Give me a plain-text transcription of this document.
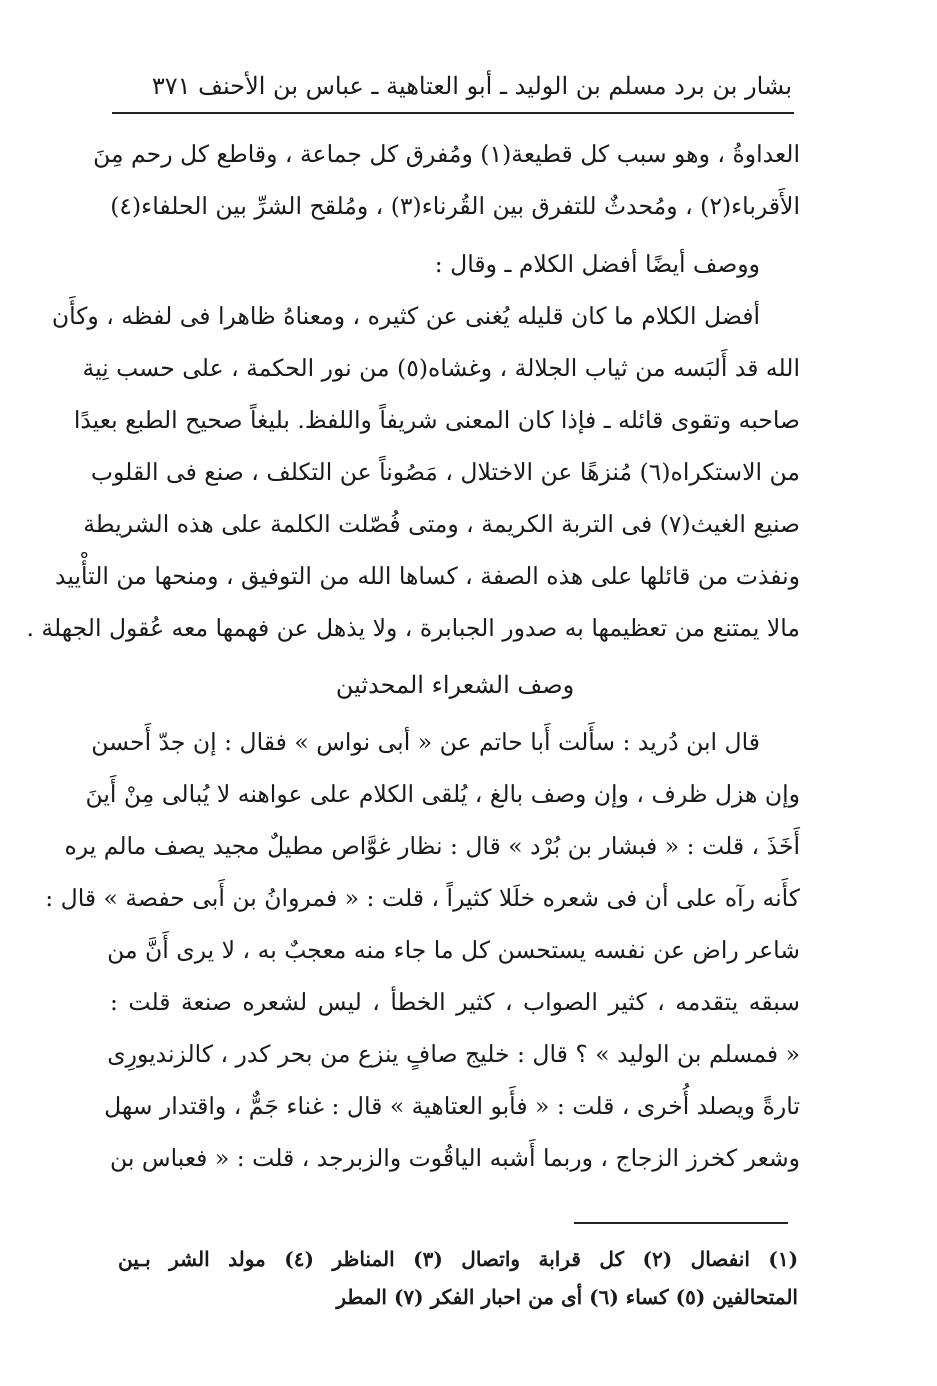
بشار بن برد مسلم بن الوليد ـ أبو العتاهية ـ عباس بن الأحنف ٣٧١
العداوةُ ، وهو سبب كل قطيعة(١) ومُفرق كل جماعة ، وقاطع كل رحم مِنَ
الأَقرباء(٢) ، ومُحدثٌ للتفرق بين القُرناء(٣) ، ومُلقح الشرِّ بين الحلفاء(٤)
ووصف أيضًا أفضل الكلام ـ وقال :
أفضل الكلام ما كان قليله يُغنى عن كثيره ، ومعناهُ ظاهرا فى لفظه ، وكأَن
الله قد أَلبَسه من ثياب الجلالة ، وغشاه(٥) من نور الحكمة ، على حسب نِية
صاحبه وتقوى قائله ـ فإذا كان المعنى شريفاً واللفظ. بليغاً صحيح الطبع بعيدًا
من الاستكراه(٦) مُنزهًا عن الاختلال ، مَصُوناً عن التكلف ، صنع فى القلوب
صنيع الغيث(٧) فى التربة الكريمة ، ومتى فُصّلت الكلمة على هذه الشريطة
ونفذت من قائلها على هذه الصفة ، كساها الله من التوفيق ، ومنحها من التأْييد
مالا يمتنع من تعظيمها به صدور الجبابرة ، ولا يذهل عن فهمها معه عُقول الجهلة .
وصف الشعراء المحدثين
قال ابن دُريد : سأَلت أَبا حاتم عن « أبى نواس » فقال : إن جدّ أَحسن
وإن هزل ظرف ، وإن وصف بالغ ، يُلقى الكلام على عواهنه لا يُبالى مِنْ أَينَ
أَخَذَ ، قلت : « فبشار بن بُرْد » قال : نظار غوَّاص مطيلٌ مجيد يصف مالم يره
كأَنه رآه على أن فى شعره خلَلا كثيراً ، قلت : « فمروانُ بن أَبى حفصة » قال :
شاعر راض عن نفسه يستحسن كل ما جاء منه معجبٌ به ، لا يرى أَنَّ من
سبقه يتقدمه ، كثير الصواب ، كثير الخطأ ، ليس لشعره صنعة قلت :
« فمسلم بن الوليد » ؟ قال : خليج صافٍ ينزع من بحر كدر ، كالزنديورِى
تارةً ويصلد أُخرى ، قلت : « فأَبو العتاهية » قال : غناء جَمٌّ ، واقتدار سهل
وشعر كخرز الزجاج ، وربما أَشبه الياقُوت والزبرجد ، قلت : « فعباس بن
(١) انفصال (٢) كل قرابة واتصال (٣) المناظر (٤) مولد الشر بـين
المتحالفين (٥) كساء (٦) أى من احبار الفكر (٧) المطر
